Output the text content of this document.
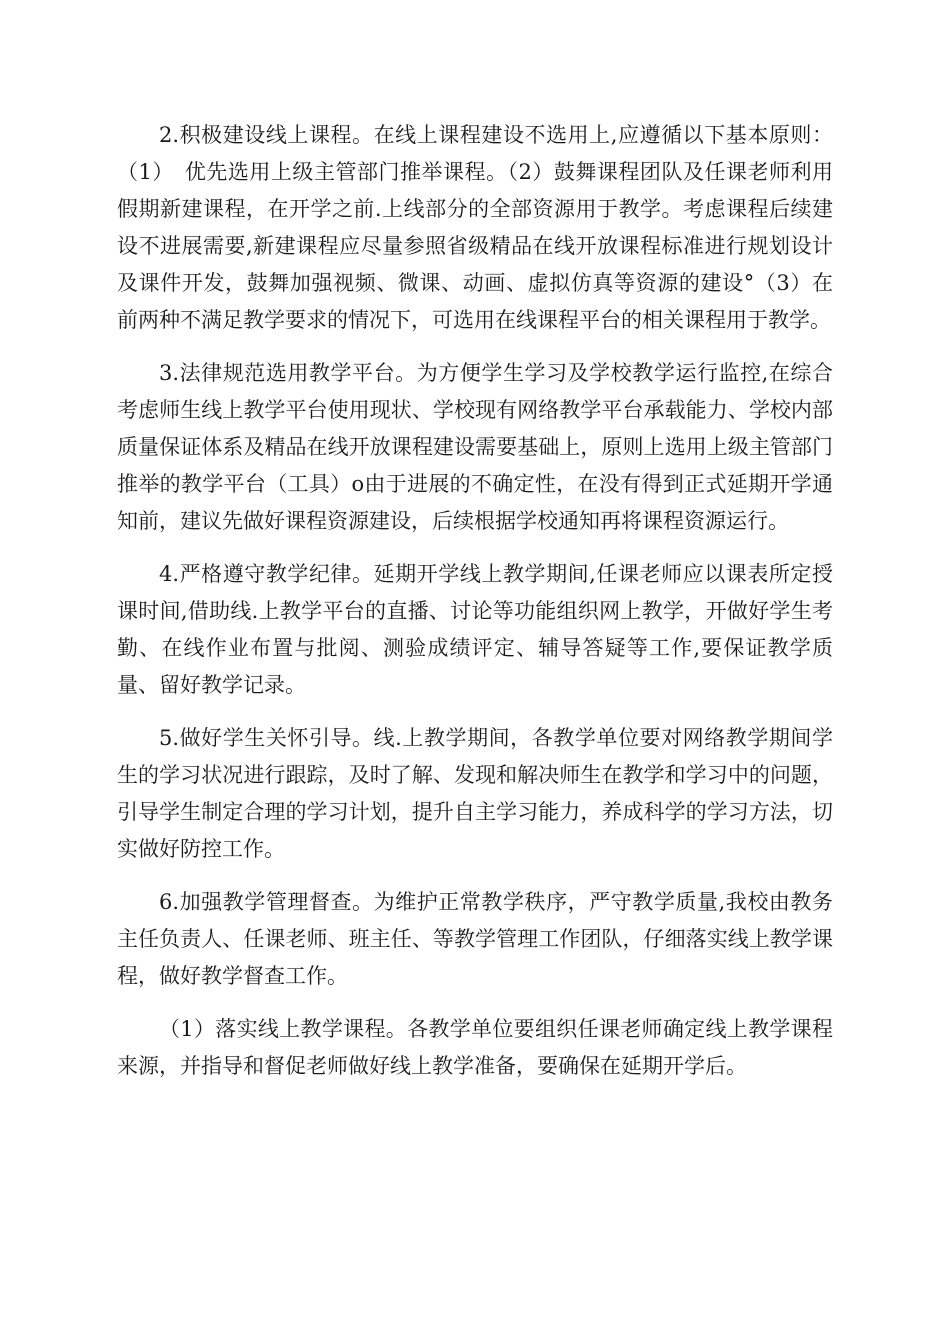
2.积极建设线上课程。在线上课程建设不选用上,应遵循以下基本原则：（1）　优先选用上级主管部门推举课程。（2）鼓舞课程团队及任课老师利用假期新建课程，在开学之前.上线部分的全部资源用于教学。考虑课程后续建设不进展需要,新建课程应尽量参照省级精品在线开放课程标准进行规划设计及课件开发，鼓舞加强视频、微课、动画、虚拟仿真等资源的建设°（3）在前两种不满足教学要求的情况下，可选用在线课程平台的相关课程用于教学。

3.法律规范选用教学平台。为方便学生学习及学校教学运行监控,在综合考虑师生线上教学平台使用现状、学校现有网络教学平台承载能力、学校内部质量保证体系及精品在线开放课程建设需要基础上，原则上选用上级主管部门推举的教学平台（工具）o由于进展的不确定性，在没有得到正式延期开学通知前，建议先做好课程资源建设，后续根据学校通知再将课程资源运行。

4.严格遵守教学纪律。延期开学线上教学期间,任课老师应以课表所定授课时间,借助线.上教学平台的直播、讨论等功能组织网上教学，开做好学生考勤、在线作业布置与批阅、测验成绩评定、辅导答疑等工作,要保证教学质量、留好教学记录。

5.做好学生关怀引导。线.上教学期间，各教学单位要对网络教学期间学生的学习状况进行跟踪，及时了解、发现和解决师生在教学和学习中的问题，引导学生制定合理的学习计划，提升自主学习能力，养成科学的学习方法，切实做好防控工作。

6.加强教学管理督查。为维护正常教学秩序，严守教学质量,我校由教务主任负责人、任课老师、班主任、等教学管理工作团队，仔细落实线上教学课程，做好教学督查工作。

（1）落实线上教学课程。各教学单位要组织任课老师确定线上教学课程来源，并指导和督促老师做好线上教学准备，要确保在延期开学后。
